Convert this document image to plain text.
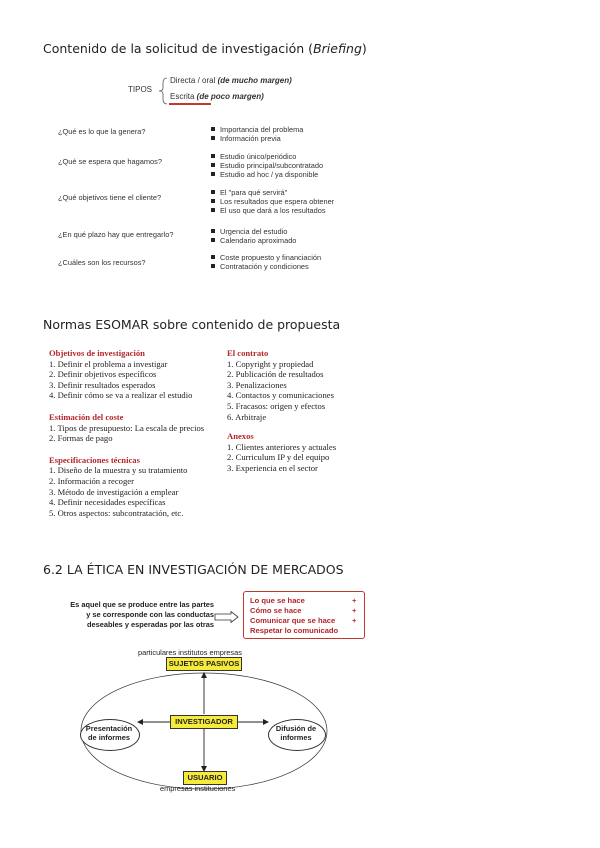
Contenido de la solicitud de investigación (Briefing)
TIPOS
Directa / oral (de mucho margen)
Escrita (de poco margen)
¿Qué es lo que la genera?	Importancia del problema
Información previa
¿Qué se espera que hagamos?
Estudio único/periódico
Estudio principal/subcontratado
Estudio ad hoc / ya disponible
¿Qué objetivos tiene el cliente?
El "para qué servirá"
Los resultados que espera obtener
El uso que dará a los resultados
¿En qué plazo hay que entregarlo?	Urgencia del estudio
Calendario aproximado
¿Cuáles son los recursos?
Coste propuesto y financiación
Contratación y condiciones
Normas ESOMAR sobre contenido de propuesta
Objetivos de investigación
1. Definir el problema a investigar
2. Definir objetivos específicos
3. Definir resultados esperados
4. Definir cómo se va a realizar el estudio
Estimación del coste
1. Tipos de presupuesto: La escala de precios
2. Formas de pago
Especificaciones técnicas
1. Diseño de la muestra y su tratamiento
2. Información a recoger
3. Método de investigación a emplear
4. Definir necesidades específicas
5. Otros aspectos: subcontratación, etc.
El contrato
1. Copyright y propiedad
2. Publicación de resultados
3. Penalizaciones
4. Contactos y comunicaciones
5. Fracasos: origen y efectos
6. Arbitraje
Anexos
1. Clientes anteriores y actuales
2. Curriculum IP y del equipo
3. Experiencia en el sector
6.2 LA ÉTICA EN INVESTIGACIÓN DE MERCADOS
Es aquel que se produce entre las partes
y se corresponde con las conductas
deseables y esperadas por las otras
Lo que se hace
Cómo se hace
Comunicar que se hace
Respetar lo comunicado
+
+
+
particulares institutos empresas
SUJETOS PASIVOS
INVESTIGADOR
USUARIO
Presentación
de informes
Difusión de
informes
empresas instituciones
